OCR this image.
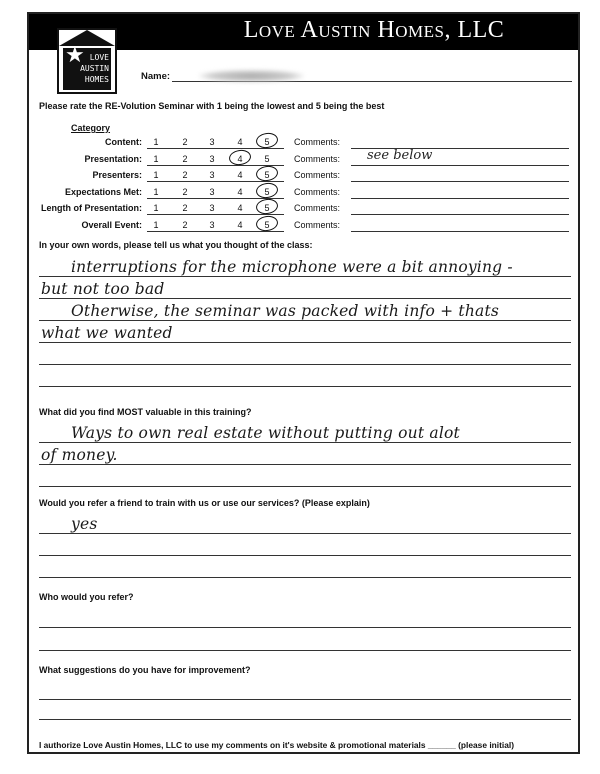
Love Austin Homes, LLC
★ LOVE
AUSTIN
HOMES	Name:
Please rate the RE-Volution Seminar with 1 being the lowest and 5 being the best
Category
Content:	1	2	3	4	5	Comments:
Presentation:	1	2	3	4	5	Comments: see below
Presenters:	1	2	3	4	5	Comments:
Expectations Met:	1	2	3	4	5	Comments:
Length of Presentation:	1	2	3	4	5	Comments:
Overall Event:	1	2	3	4	5	Comments:
In your own words, please tell us what you thought of the class:
interruptions for the microphone were a bit annoying -
but not too bad
Otherwise, the seminar was packed with info + thats
what we wanted
What did you find MOST valuable in this training?
Ways to own real estate without putting out alot
of money.
Would you refer a friend to train with us or use our services? (Please explain)
yes
Who would you refer?
What suggestions do you have for improvement?
I authorize Love Austin Homes, LLC to use my comments on it's website & promotional materials ______ (please initial)
